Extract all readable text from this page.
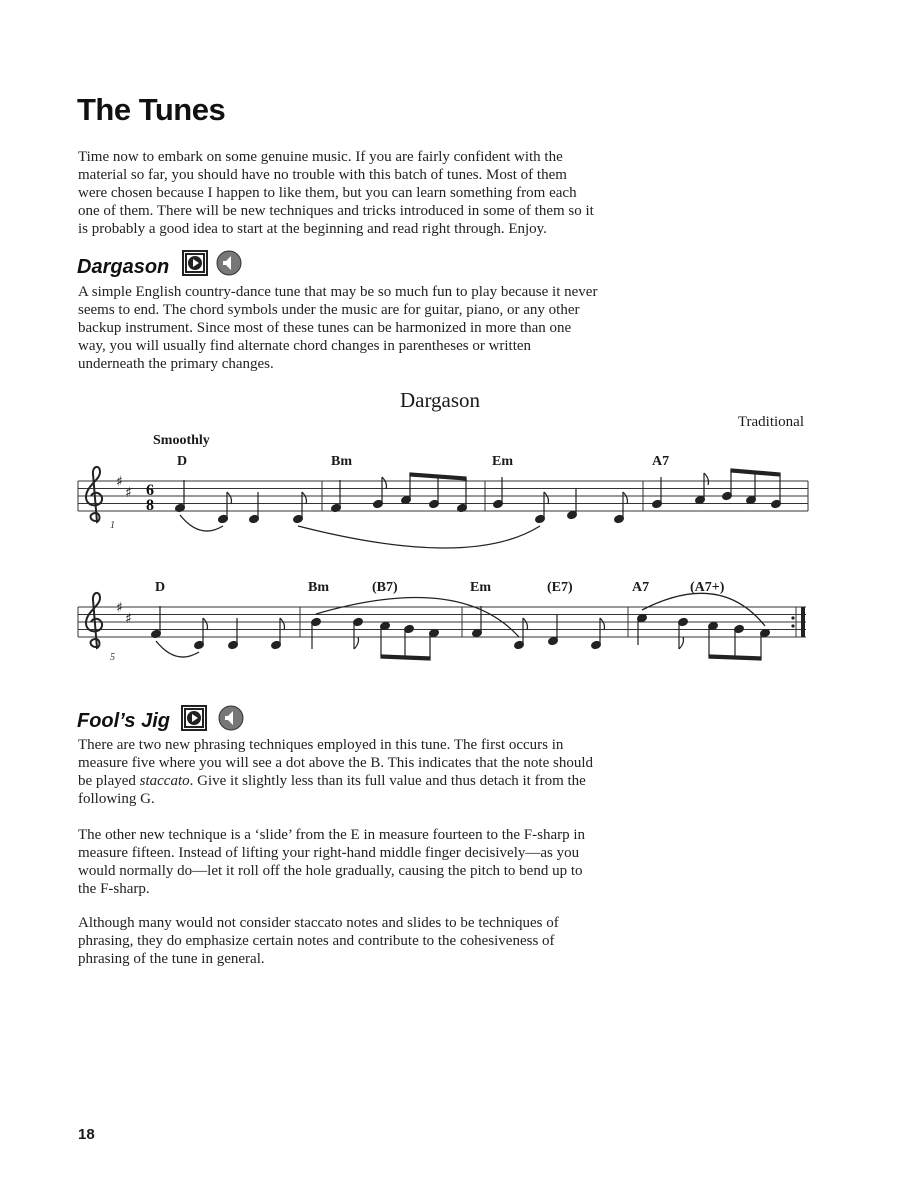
The Tunes

Time now to embark on some genuine music. If you are fairly confident with the
material so far, you should have no trouble with this batch of tunes. Most of them
were chosen because I happen to like them, but you can learn something from each
one of them. There will be new techniques and tricks introduced in some of them so it
is probably a good idea to start at the beginning and read right through. Enjoy.

Dargason

A simple English country-dance tune that may be so much fun to play because it never
seems to end. The chord symbols under the music are for guitar, piano, or any other
backup instrument. Since most of these tunes can be harmonized in more than one
way, you will usually find alternate chord changes in parentheses or written
underneath the primary changes.

Dargason
Traditional
Smoothly
D	Bm	Em	A7
D	Bm	(B7)	Em	(E7)	A7	(A7+)
♯
♯
♯
♯
6
8
1
5
Fool’s Jig

There are two new phrasing techniques employed in this tune. The first occurs in
measure five where you will see a dot above the B. This indicates that the note should
be played staccato. Give it slightly less than its full value and thus detach it from the
following G.

The other new technique is a ‘slide’ from the E in measure fourteen to the F-sharp in
measure fifteen. Instead of lifting your right-hand middle finger decisively—as you
would normally do—let it roll off the hole gradually, causing the pitch to bend up to
the F-sharp.

Although many would not consider staccato notes and slides to be techniques of
phrasing, they do emphasize certain notes and contribute to the cohesiveness of
phrasing of the tune in general.

18
